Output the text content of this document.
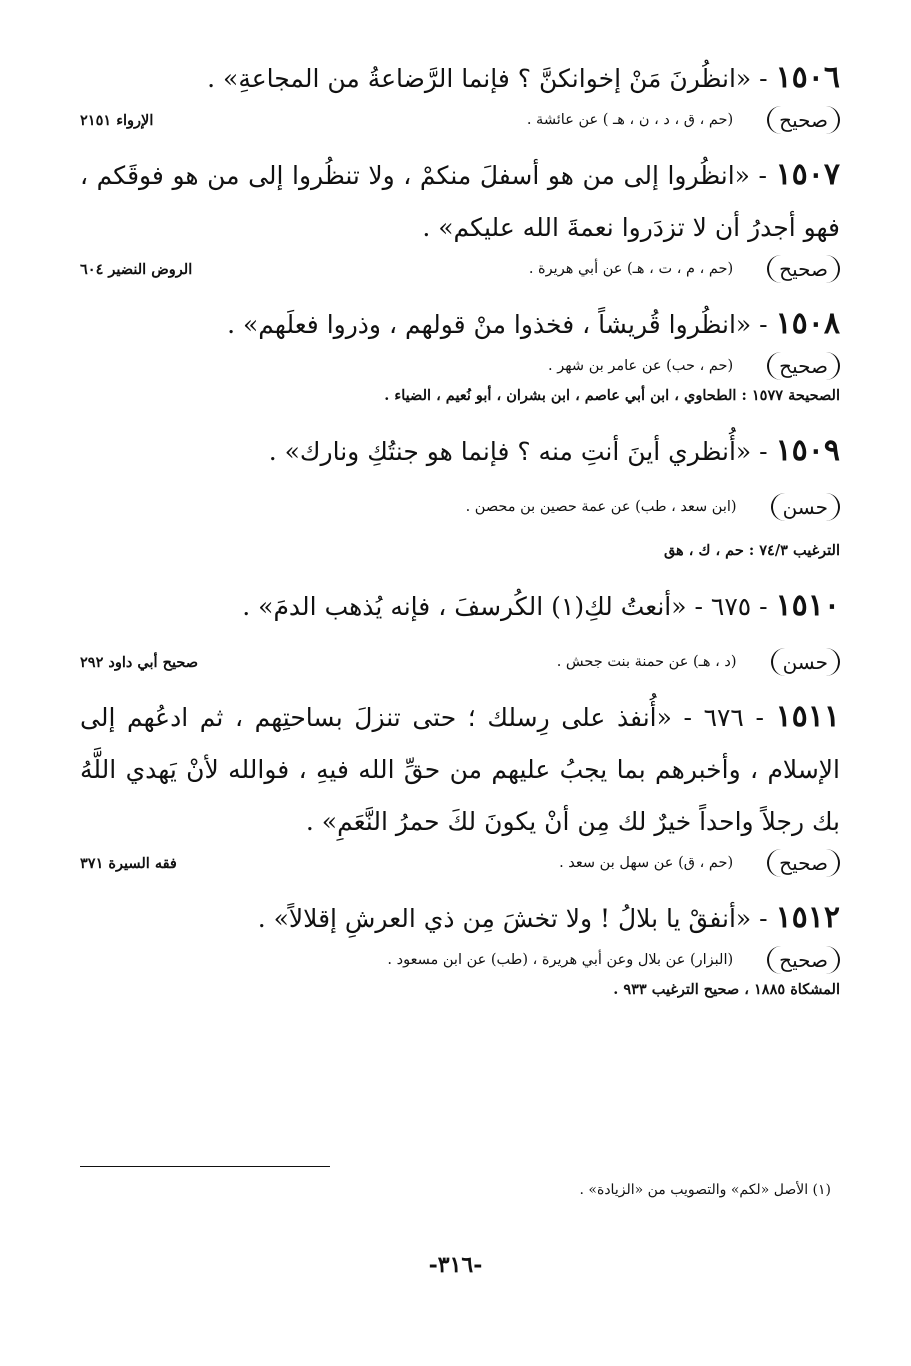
١٥٠٦ - «انظُرنَ مَنْ إخوانكنَّ ؟ فإنما الرَّضاعةُ من المجاعةِ» .

صحيح
(حم ، ق ، د ، ن ، هـ ) عن عائشة .
الإرواء ٢١٥١

١٥٠٧ - «انظُروا إلى من هو أسفلَ منكمْ ، ولا تنظُروا إلى من هو فوقَكم ، فهو أجدرُ أن لا تزدَروا نعمةَ الله عليكم» .

صحيح
(حم ، م ، ت ، هـ) عن أبي هريرة .
الروض النضير ٦٠٤

١٥٠٨ - «انظُروا قُريشاً ، فخذوا منْ قولهم ، وذروا فعلَهم» .

صحيح
(حم ، حب) عن عامر بن شهر .

الصحيحة ١٥٧٧ : الطحاوي ، ابن أبي عاصم ، ابن بشران ، أبو نُعيم ، الضياء .

١٥٠٩ - «أُنظري أينَ أنتِ منه ؟ فإنما هو جنتُكِ ونارك» .

حسن
(ابن سعد ، طب) عن عمة حصين بن محصن .

الترغيب ٧٤/٣ : حم ، ك ، هق

١٥١٠ - ٦٧٥ - «أنعتُ لكِ(١) الكُرسفَ ، فإنه يُذهب الدمَ» .

حسن
(د ، هـ) عن حمنة بنت جحش .
صحيح أبي داود ٢٩٢

١٥١١ - ٦٧٦ - «أُنفذ على رِسلك ؛ حتى تنزلَ بساحتِهم ، ثم ادعُهم إلى الإسلام ، وأخبرهم بما يجبُ عليهم من حقِّ الله فيهِ ، فوالله لأنْ يَهدي اللَّهُ بك رجلاً واحداً خيرٌ لك مِن أنْ يكونَ لكَ حمرُ النَّعَمِ» .

صحيح
(حم ، ق) عن سهل بن سعد .
فقه السيرة ٣٧١

١٥١٢ - «أنفقْ يا بلالُ ! ولا تخشَ مِن ذي العرشِ إقلالاً» .

صحيح
(البزار) عن بلال وعن أبي هريرة ، (طب) عن ابن مسعود .

المشكاة ١٨٨٥ ، صحيح الترغيب ٩٣٣ .

(١) الأصل «لكم» والتصويب من «الزيادة» .
-٣١٦-
